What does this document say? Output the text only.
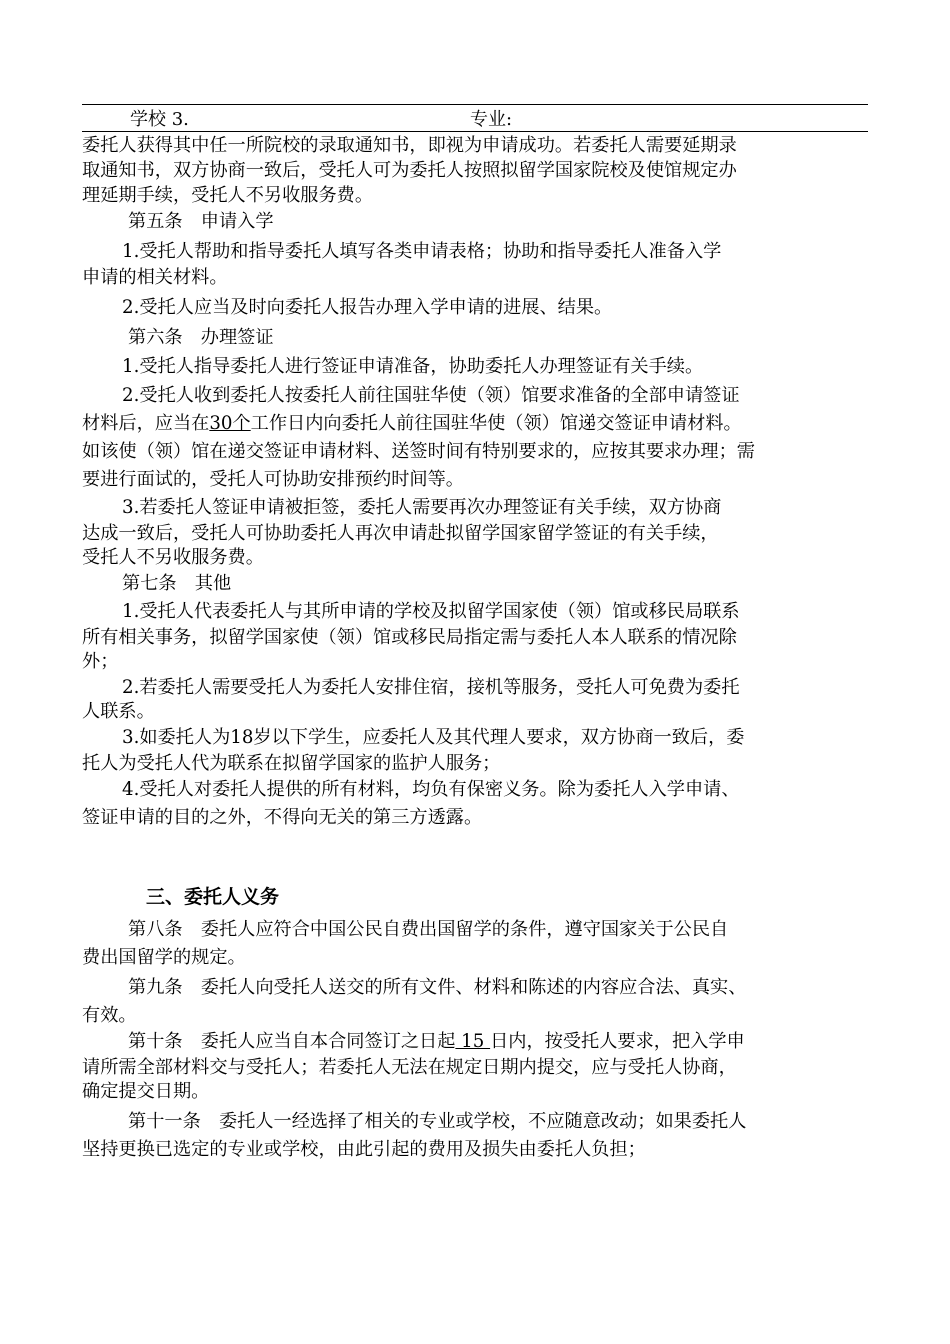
学校 3.	专业:
委托人获得其中任一所院校的录取通知书，即视为申请成功。若委托人需要延期录
取通知书，双方协商一致后，受托人可为委托人按照拟留学国家院校及使馆规定办
理延期手续，受托人不另收服务费。
第五条　申请入学
1.受托人帮助和指导委托人填写各类申请表格；协助和指导委托人准备入学
申请的相关材料。
2.受托人应当及时向委托人报告办理入学申请的进展、结果。
第六条　办理签证
1.受托人指导委托人进行签证申请准备，协助委托人办理签证有关手续。
2.受托人收到委托人按委托人前往国驻华使（领）馆要求准备的全部申请签证
材料后，应当在30个工作日内向委托人前往国驻华使（领）馆递交签证申请材料。
如该使（领）馆在递交签证申请材料、送签时间有特别要求的，应按其要求办理；需
要进行面试的，受托人可协助安排预约时间等。
3.若委托人签证申请被拒签，委托人需要再次办理签证有关手续，双方协商
达成一致后，受托人可协助委托人再次申请赴拟留学国家留学签证的有关手续，
受托人不另收服务费。
第七条　其他
1.受托人代表委托人与其所申请的学校及拟留学国家使（领）馆或移民局联系
所有相关事务，拟留学国家使（领）馆或移民局指定需与委托人本人联系的情况除
外；
2.若委托人需要受托人为委托人安排住宿，接机等服务，受托人可免费为委托
人联系。
3.如委托人为18岁以下学生，应委托人及其代理人要求，双方协商一致后，委
托人为受托人代为联系在拟留学国家的监护人服务；
4.受托人对委托人提供的所有材料，均负有保密义务。除为委托人入学申请、
签证申请的目的之外，不得向无关的第三方透露。
三、委托人义务
第八条　委托人应符合中国公民自费出国留学的条件，遵守国家关于公民自
费出国留学的规定。
第九条　委托人向受托人送交的所有文件、材料和陈述的内容应合法、真实、
有效。
第十条　委托人应当自本合同签订之日起 15 日内，按受托人要求，把入学申
请所需全部材料交与受托人；若委托人无法在规定日期内提交，应与受托人协商，
确定提交日期。
第十一条　委托人一经选择了相关的专业或学校，不应随意改动；如果委托人
坚持更换已选定的专业或学校，由此引起的费用及损失由委托人负担；
